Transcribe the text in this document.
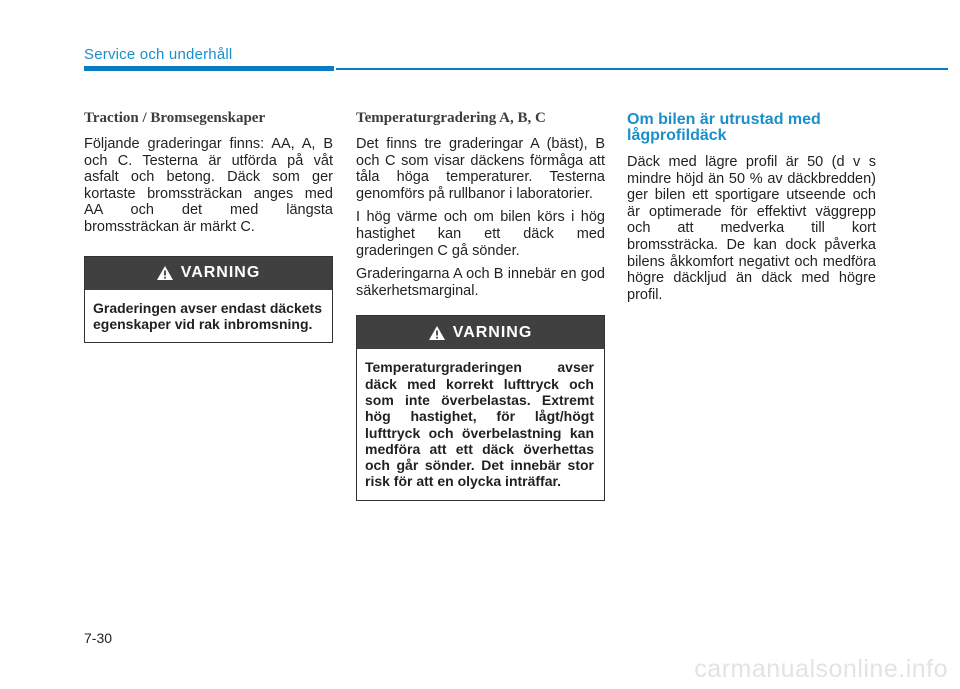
Service och underhåll
Traction / Bromsegenskaper

Följande graderingar finns: AA, A, B och C. Testerna är utförda på våt asfalt och betong. Däck som ger kortaste bromssträckan anges med AA och det med längsta bromssträckan är märkt C.

VARNING
Graderingen avser endast däckets egenskaper vid rak inbromsning.
Temperaturgradering A, B, C

Det finns tre graderingar A (bäst), B och C som visar däckens förmåga att tåla höga temperaturer. Testerna genomförs på rullbanor i laboratorier.

I hög värme och om bilen körs i hög hastighet kan ett däck med graderingen C gå sönder.

Graderingarna A och B innebär en god säkerhetsmarginal.

VARNING
Temperaturgraderingen avser däck med korrekt lufttryck och som inte överbelastas. Extremt hög hastighet, för lågt/högt lufttryck och överbelastning kan medföra att ett däck överhettas och går sönder. Det innebär stor risk för att en olycka inträffar.
Om bilen är utrustad med lågprofildäck

Däck med lägre profil är 50 (d v s mindre höjd än 50 % av däckbredden) ger bilen ett sportigare utseende och är optimerade för effektivt väggrepp och att medverka till kort bromssträcka. De kan dock påverka bilens åkkomfort negativt och medföra högre däckljud än däck med högre profil.

7-30
carmanualsonline.info
